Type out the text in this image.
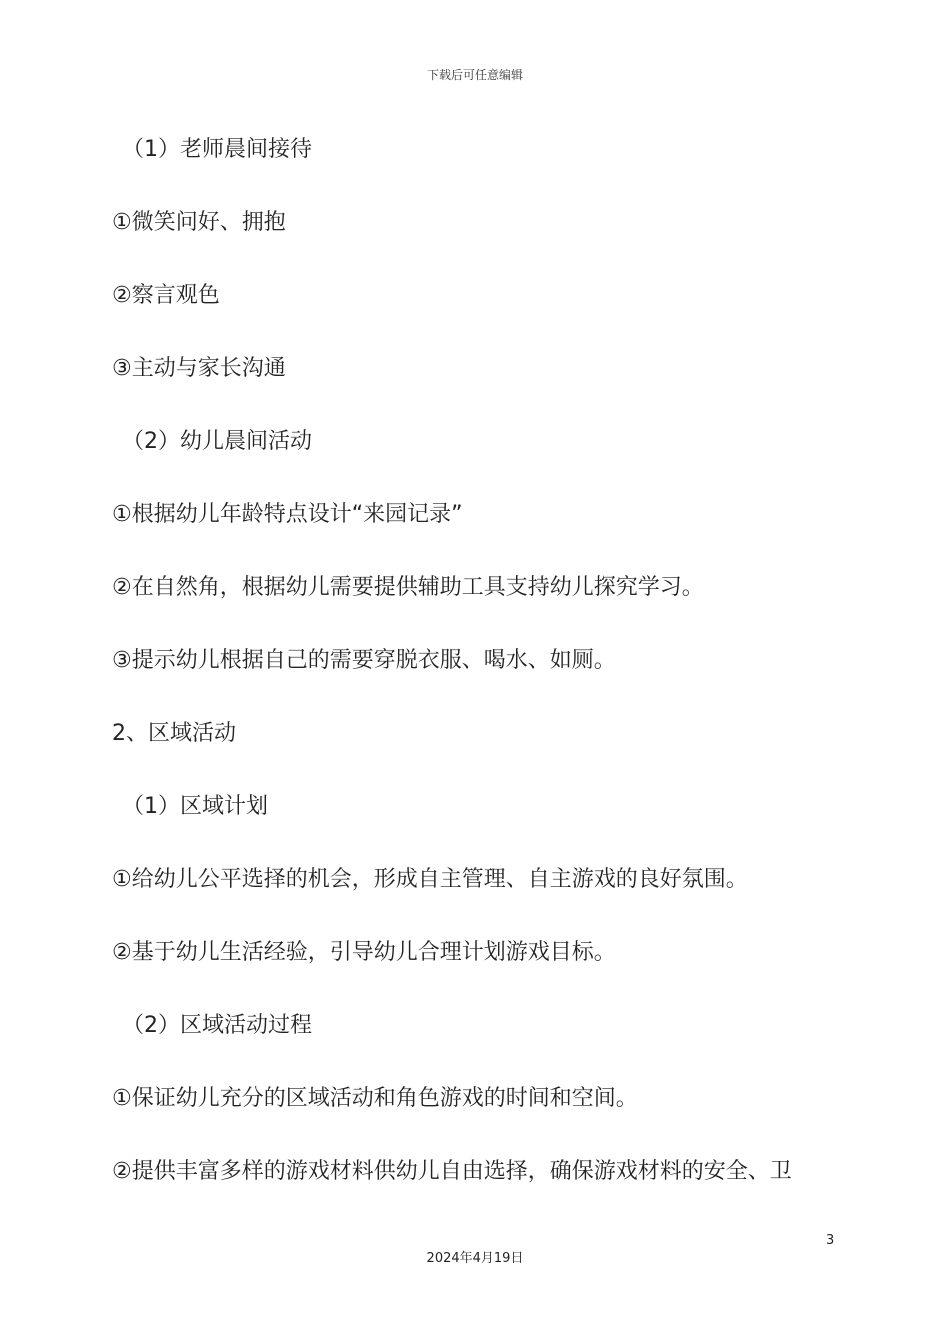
下载后可任意编辑
（1）老师晨间接待
①微笑问好、拥抱
②察言观色
③主动与家长沟通
（2）幼儿晨间活动
①根据幼儿年龄特点设计“来园记录”
②在自然角，根据幼儿需要提供辅助工具支持幼儿探究学习。
③提示幼儿根据自己的需要穿脱衣服、喝水、如厕。
2、区域活动
（1）区域计划
①给幼儿公平选择的机会，形成自主管理、自主游戏的良好氛围。
②基于幼儿生活经验，引导幼儿合理计划游戏目标。
（2）区域活动过程
①保证幼儿充分的区域活动和角色游戏的时间和空间。
②提供丰富多样的游戏材料供幼儿自由选择，确保游戏材料的安全、卫
3
2024年4月19日
